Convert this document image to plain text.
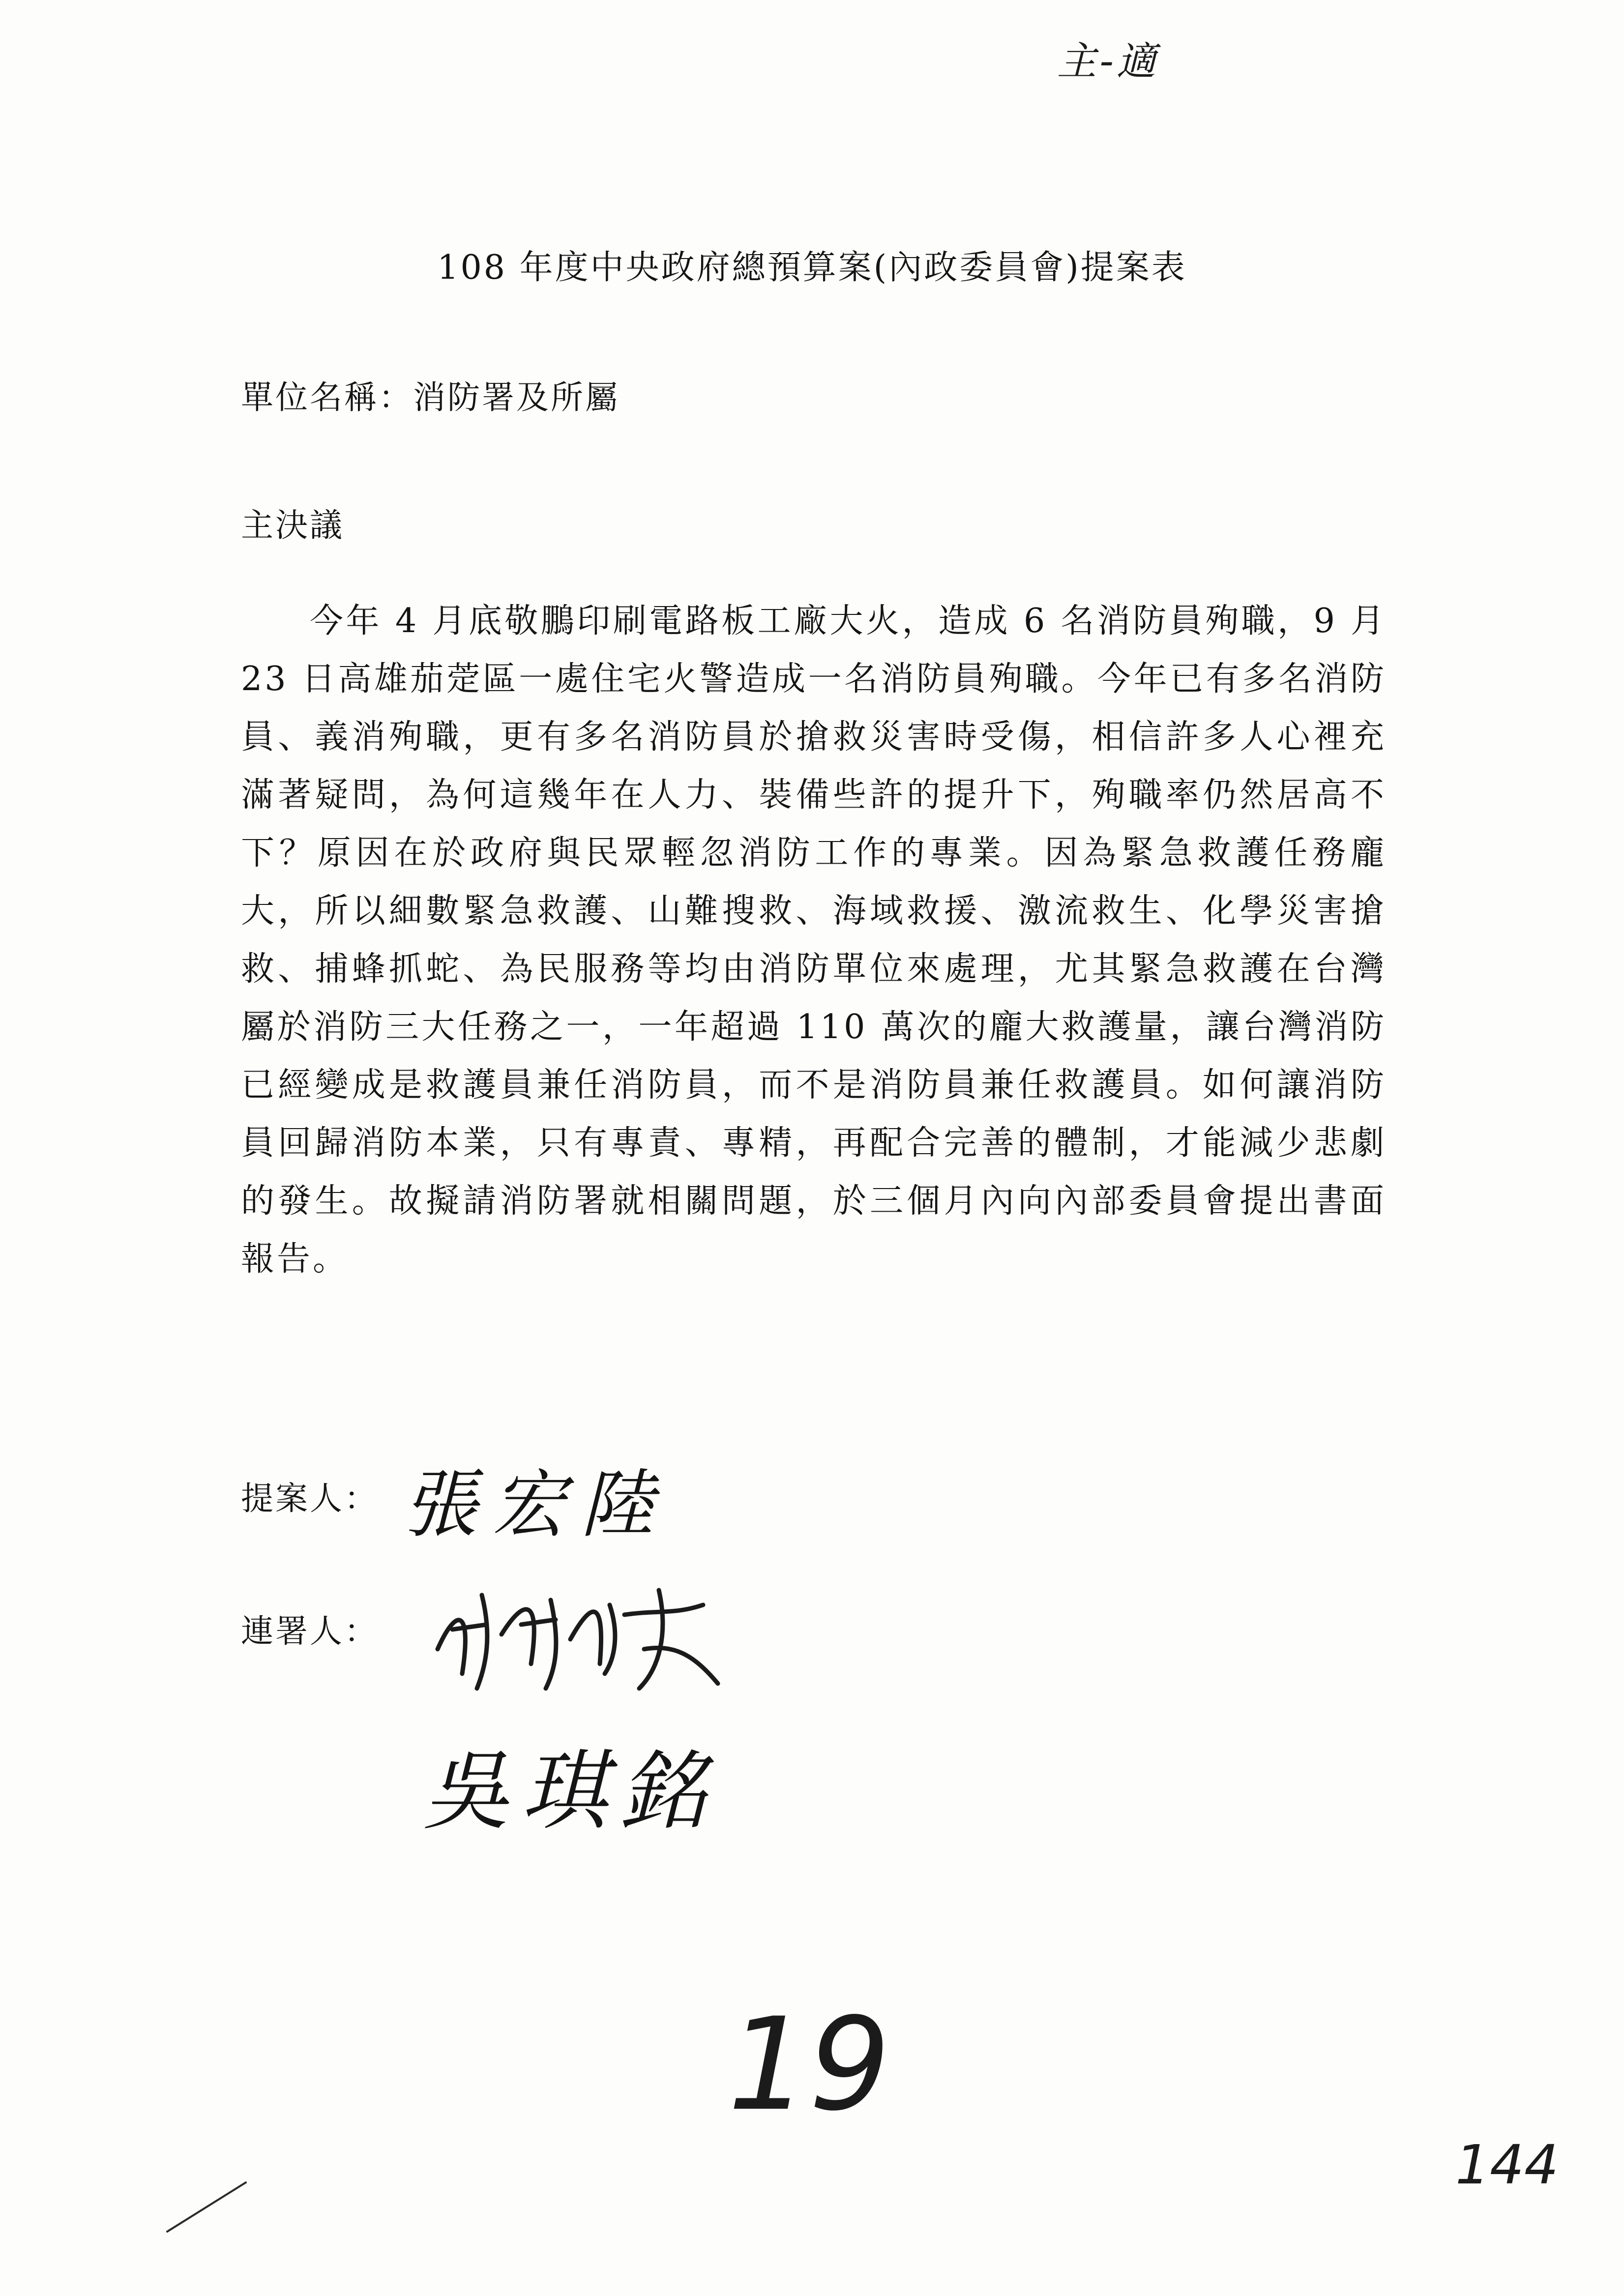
主-適
108 年度中央政府總預算案(內政委員會)提案表
單位名稱：消防署及所屬
主決議

今年 4 月底敬鵬印刷電路板工廠大火，造成 6 名消防員殉職，9 月 23 日高雄茄萣區一處住宅火警造成一名消防員殉職。今年已有多名消防員、義消殉職，更有多名消防員於搶救災害時受傷，相信許多人心裡充滿著疑問，為何這幾年在人力、裝備些許的提升下，殉職率仍然居高不下？原因在於政府與民眾輕忽消防工作的專業。因為緊急救護任務龐大，所以細數緊急救護、山難搜救、海域救援、激流救生、化學災害搶救、捕蜂抓蛇、為民服務等均由消防單位來處理，尤其緊急救護在台灣屬於消防三大任務之一，一年超過 110 萬次的龐大救護量，讓台灣消防已經變成是救護員兼任消防員，而不是消防員兼任救護員。如何讓消防員回歸消防本業，只有專責、專精，再配合完善的體制，才能減少悲劇的發生。故擬請消防署就相關問題，於三個月內向內部委員會提出書面報告。

提案人： 張宏陸
連署人：
吳琪銘
19
144
